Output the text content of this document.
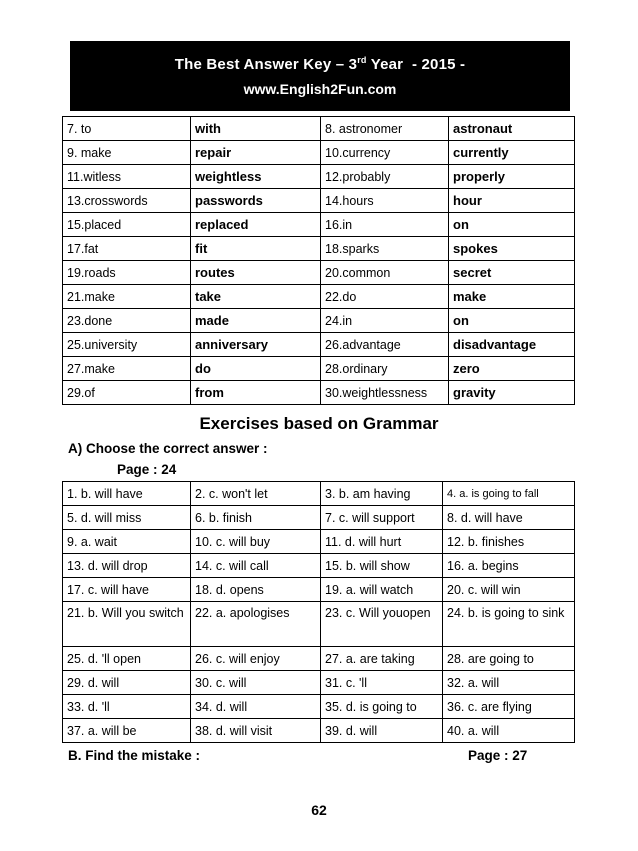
The Best Answer Key – 3rd Year  - 2015 -
www.English2Fun.com
7. to	with	8. astronomer	astronaut
9. make	repair	10.currency	currently
11.witless	weightless	12.probably	properly
13.crosswords	passwords	14.hours	hour
15.placed	replaced	16.in	on
17.fat	fit	18.sparks	spokes
19.roads	routes	20.common	secret
21.make	take	22.do	make
23.done	made	24.in	on
25.university	anniversary	26.advantage	disadvantage
27.make	do	28.ordinary	zero
29.of	from	30.weightlessness	gravity
Exercises based on Grammar
A) Choose the correct answer :
Page : 24
1. b. will have	2. c. won't let	3. b. am having	4. a. is going to fall
5. d. will miss	6. b. finish	7. c. will support	8. d. will have
9. a. wait	10. c. will buy	11. d. will hurt	12. b. finishes
13. d. will drop	14. c. will call	15. b. will show	16. a. begins
17. c. will have	18. d. opens	19. a. will watch	20. c. will win
21. b. Will you switch	22. a. apologises	23. c. Will youopen	24. b. is going to sink
25. d. 'll open	26. c. will enjoy	27. a. are taking	28. are going to
29. d. will	30. c. will	31. c. 'll	32. a. will
33. d. 'll	34. d. will	35. d. is going to	36. c. are flying
37. a. will be	38. d. will visit	39. d. will	40. a. will
B. Find the mistake :	Page : 27
62
